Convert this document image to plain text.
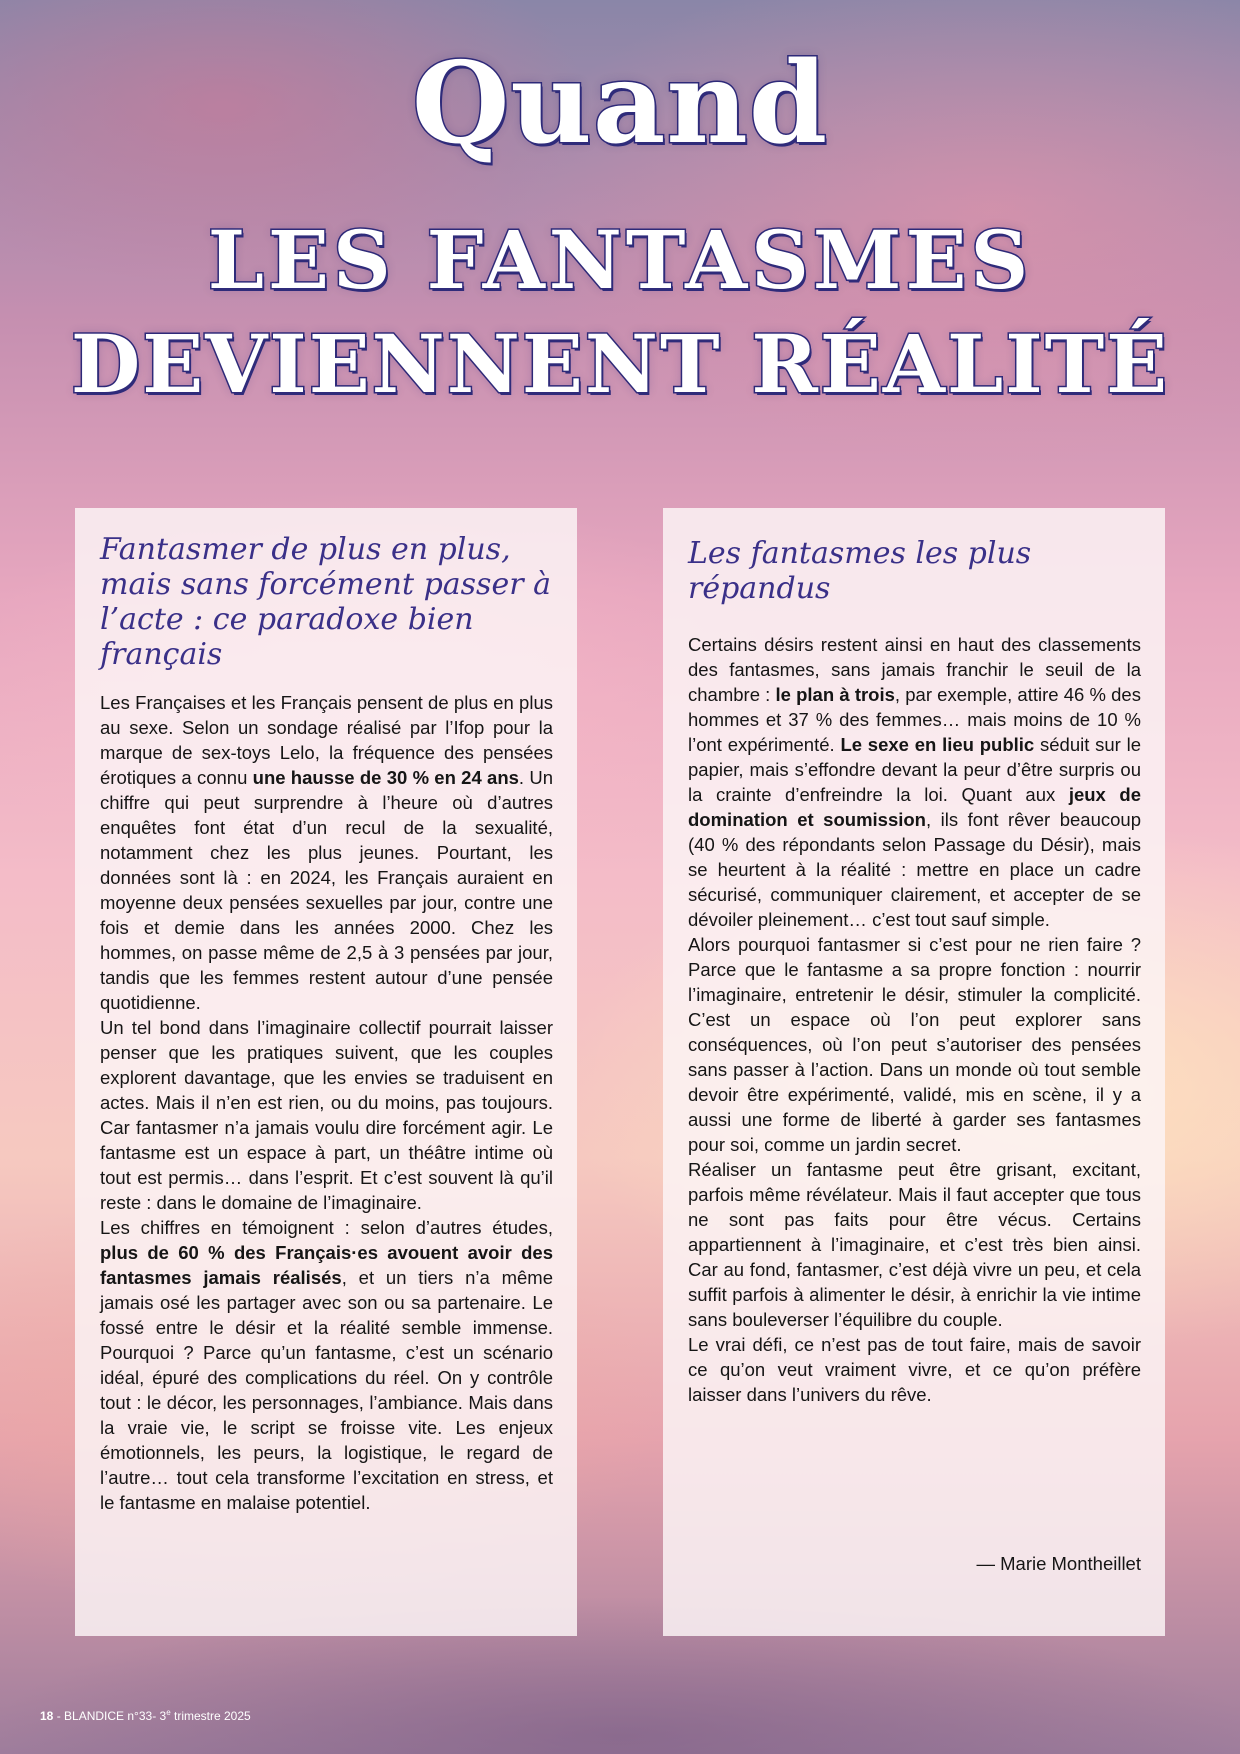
Quand
LES FANTASMES
DEVIENNENT RÉALITÉ
Fantasmer de plus en plus, mais sans forcément passer à l’acte : ce paradoxe bien français

Les Françaises et les Français pensent de plus en plus au sexe. Selon un sondage réalisé par l’Ifop pour la marque de sex-toys Lelo, la fréquence des pensées érotiques a connu une hausse de 30 % en 24 ans. Un chiffre qui peut surprendre à l’heure où d’autres enquêtes font état d’un recul de la sexualité, notamment chez les plus jeunes. Pourtant, les données sont là : en 2024, les Français auraient en moyenne deux pensées sexuelles par jour, contre une fois et demie dans les années 2000. Chez les hommes, on passe même de 2,5 à 3 pensées par jour, tandis que les femmes restent autour d’une pensée quotidienne.

Un tel bond dans l’imaginaire collectif pourrait laisser penser que les pratiques suivent, que les couples explorent davantage, que les envies se traduisent en actes. Mais il n’en est rien, ou du moins, pas toujours. Car fantasmer n’a jamais voulu dire forcément agir. Le fantasme est un espace à part, un théâtre intime où tout est permis… dans l’esprit. Et c’est souvent là qu’il reste : dans le domaine de l’imaginaire.

Les chiffres en témoignent : selon d’autres études, plus de 60 % des Français·es avouent avoir des fantasmes jamais réalisés, et un tiers n’a même jamais osé les partager avec son ou sa partenaire. Le fossé entre le désir et la réalité semble immense. Pourquoi ? Parce qu’un fantasme, c’est un scénario idéal, épuré des complications du réel. On y contrôle tout : le décor, les personnages, l’ambiance. Mais dans la vraie vie, le script se froisse vite. Les enjeux émotionnels, les peurs, la logistique, le regard de l’autre… tout cela transforme l’excitation en stress, et le fantasme en malaise potentiel.

Les fantasmes les plus répandus

Certains désirs restent ainsi en haut des classements des fantasmes, sans jamais franchir le seuil de la chambre : le plan à trois, par exemple, attire 46 % des hommes et 37 % des femmes… mais moins de 10 % l’ont expérimenté. Le sexe en lieu public séduit sur le papier, mais s’effondre devant la peur d’être surpris ou la crainte d’enfreindre la loi. Quant aux jeux de domination et soumission, ils font rêver beaucoup (40 % des répondants selon Passage du Désir), mais se heurtent à la réalité : mettre en place un cadre sécurisé, communiquer clairement, et accepter de se dévoiler pleinement… c’est tout sauf simple.

Alors pourquoi fantasmer si c’est pour ne rien faire ? Parce que le fantasme a sa propre fonction : nourrir l’imaginaire, entretenir le désir, stimuler la complicité. C’est un espace où l’on peut explorer sans conséquences, où l’on peut s’autoriser des pensées sans passer à l’action. Dans un monde où tout semble devoir être expérimenté, validé, mis en scène, il y a aussi une forme de liberté à garder ses fantasmes pour soi, comme un jardin secret.

Réaliser un fantasme peut être grisant, excitant, parfois même révélateur. Mais il faut accepter que tous ne sont pas faits pour être vécus. Certains appartiennent à l’imaginaire, et c’est très bien ainsi. Car au fond, fantasmer, c’est déjà vivre un peu, et cela suffit parfois à alimenter le désir, à enrichir la vie intime sans bouleverser l’équilibre du couple.

Le vrai défi, ce n’est pas de tout faire, mais de savoir ce qu’on veut vraiment vivre, et ce qu’on préfère laisser dans l’univers du rêve.

— Marie Montheillet

18 - BLANDICE n°33- 3e trimestre 2025
